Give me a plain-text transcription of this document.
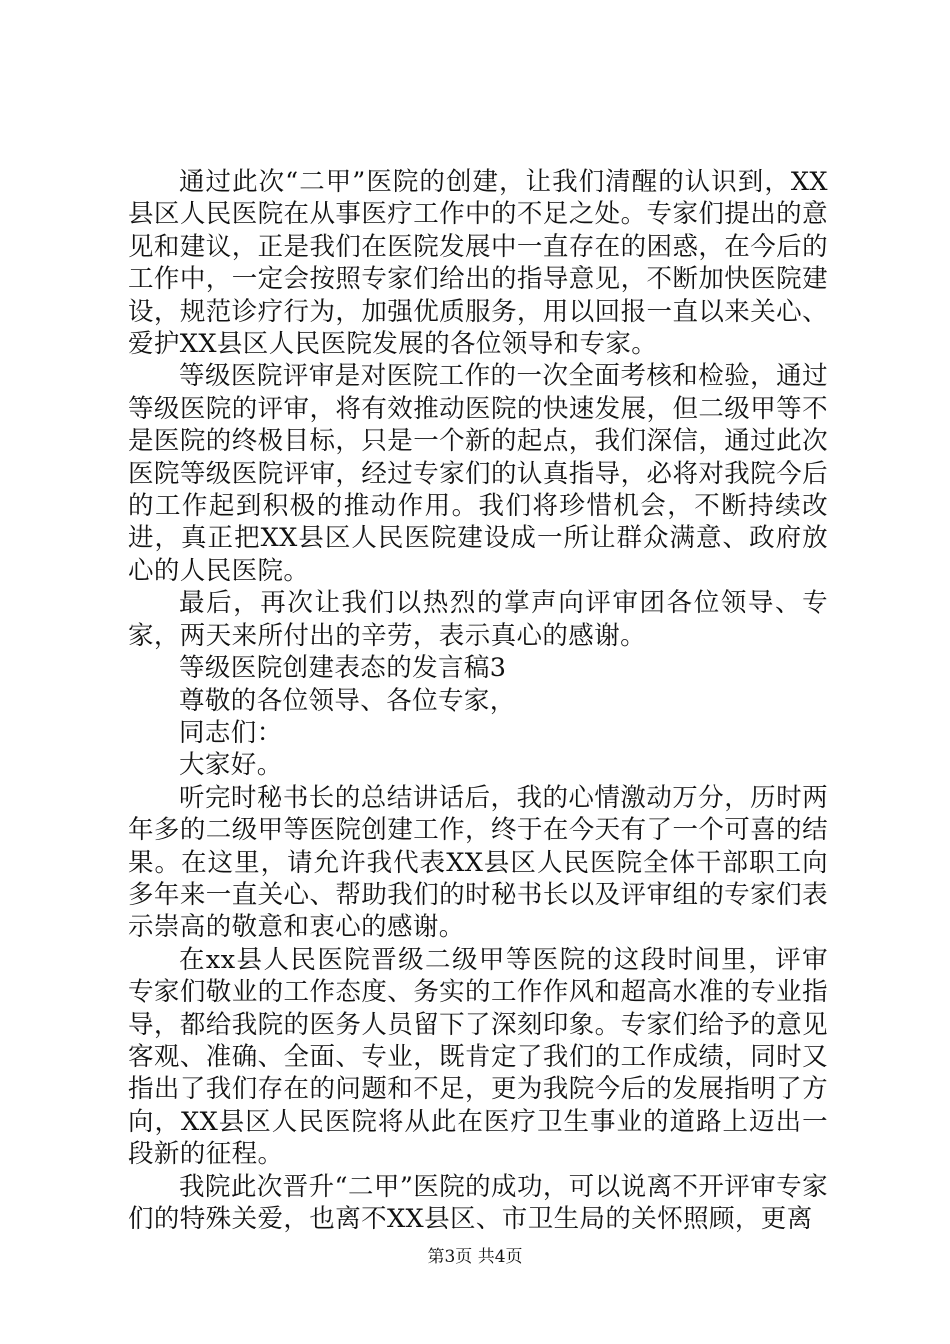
通过此次“二甲”医院的创建，让我们清醒的认识到，XX县区人民医院在从事医疗工作中的不足之处。专家们提出的意见和建议，正是我们在医院发展中一直存在的困惑，在今后的工作中，一定会按照专家们给出的指导意见，不断加快医院建设，规范诊疗行为，加强优质服务，用以回报一直以来关心、爱护XX县区人民医院发展的各位领导和专家。

等级医院评审是对医院工作的一次全面考核和检验，通过等级医院的评审，将有效推动医院的快速发展，但二级甲等不是医院的终极目标，只是一个新的起点，我们深信，通过此次医院等级医院评审，经过专家们的认真指导，必将对我院今后的工作起到积极的推动作用。我们将珍惜机会，不断持续改进，真正把XX县区人民医院建设成一所让群众满意、政府放心的人民医院。

最后，再次让我们以热烈的掌声向评审团各位领导、专家，两天来所付出的辛劳，表示真心的感谢。

等级医院创建表态的发言稿3

尊敬的各位领导、各位专家，

同志们：

大家好。

听完时秘书长的总结讲话后，我的心情激动万分，历时两年多的二级甲等医院创建工作，终于在今天有了一个可喜的结果。在这里，请允许我代表XX县区人民医院全体干部职工向多年来一直关心、帮助我们的时秘书长以及评审组的专家们表示崇高的敬意和衷心的感谢。

在xx县人民医院晋级二级甲等医院的这段时间里，评审专家们敬业的工作态度、务实的工作作风和超高水准的专业指导，都给我院的医务人员留下了深刻印象。专家们给予的意见客观、准确、全面、专业，既肯定了我们的工作成绩，同时又指出了我们存在的问题和不足，更为我院今后的发展指明了方向，XX县区人民医院将从此在医疗卫生事业的道路上迈出一段新的征程。

我院此次晋升“二甲”医院的成功，可以说离不开评审专家们的特殊关爱，也离不XX县区、市卫生局的关怀照顾，更离

第3页 共4页
